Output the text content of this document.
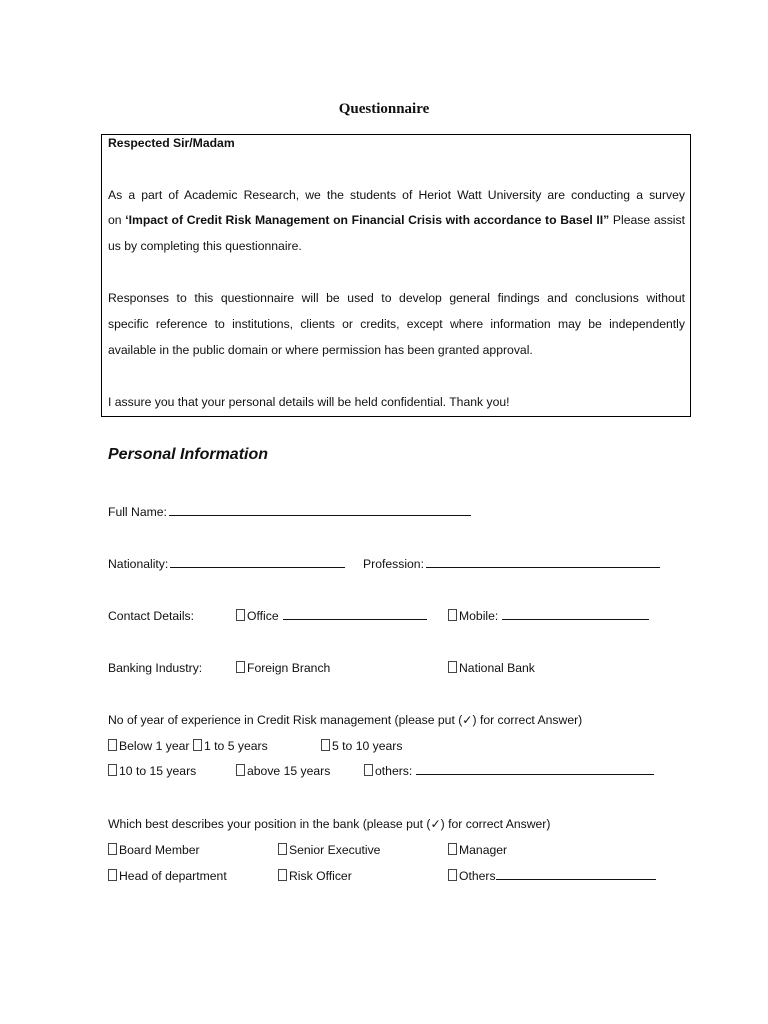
Questionnaire
Respected Sir/Madam
As a part of Academic Research, we the students of Heriot Watt University are conducting a survey
on ‘Impact of Credit Risk Management on Financial Crisis with accordance to Basel II” Please assist
us by completing this questionnaire.
Responses to this questionnaire will be used to develop general findings and conclusions without
specific reference to institutions, clients or credits, except where information may be independently
available in the public domain or where permission has been granted approval.
I assure you that your personal details will be held confidential. Thank you!
Personal Information
Full Name:
Nationality:	Profession:
Contact Details:	Office	Mobile:
Banking Industry:	Foreign Branch	National Bank
No of year of experience in Credit Risk management (please put (✓) for correct Answer)
Below 1 year	1 to 5 years	5 to 10 years
10 to 15 years	above 15 years	others:
Which best describes your position in the bank (please put (✓) for correct Answer)
Board Member	Senior Executive	Manager
Head of department	Risk Officer	Others
